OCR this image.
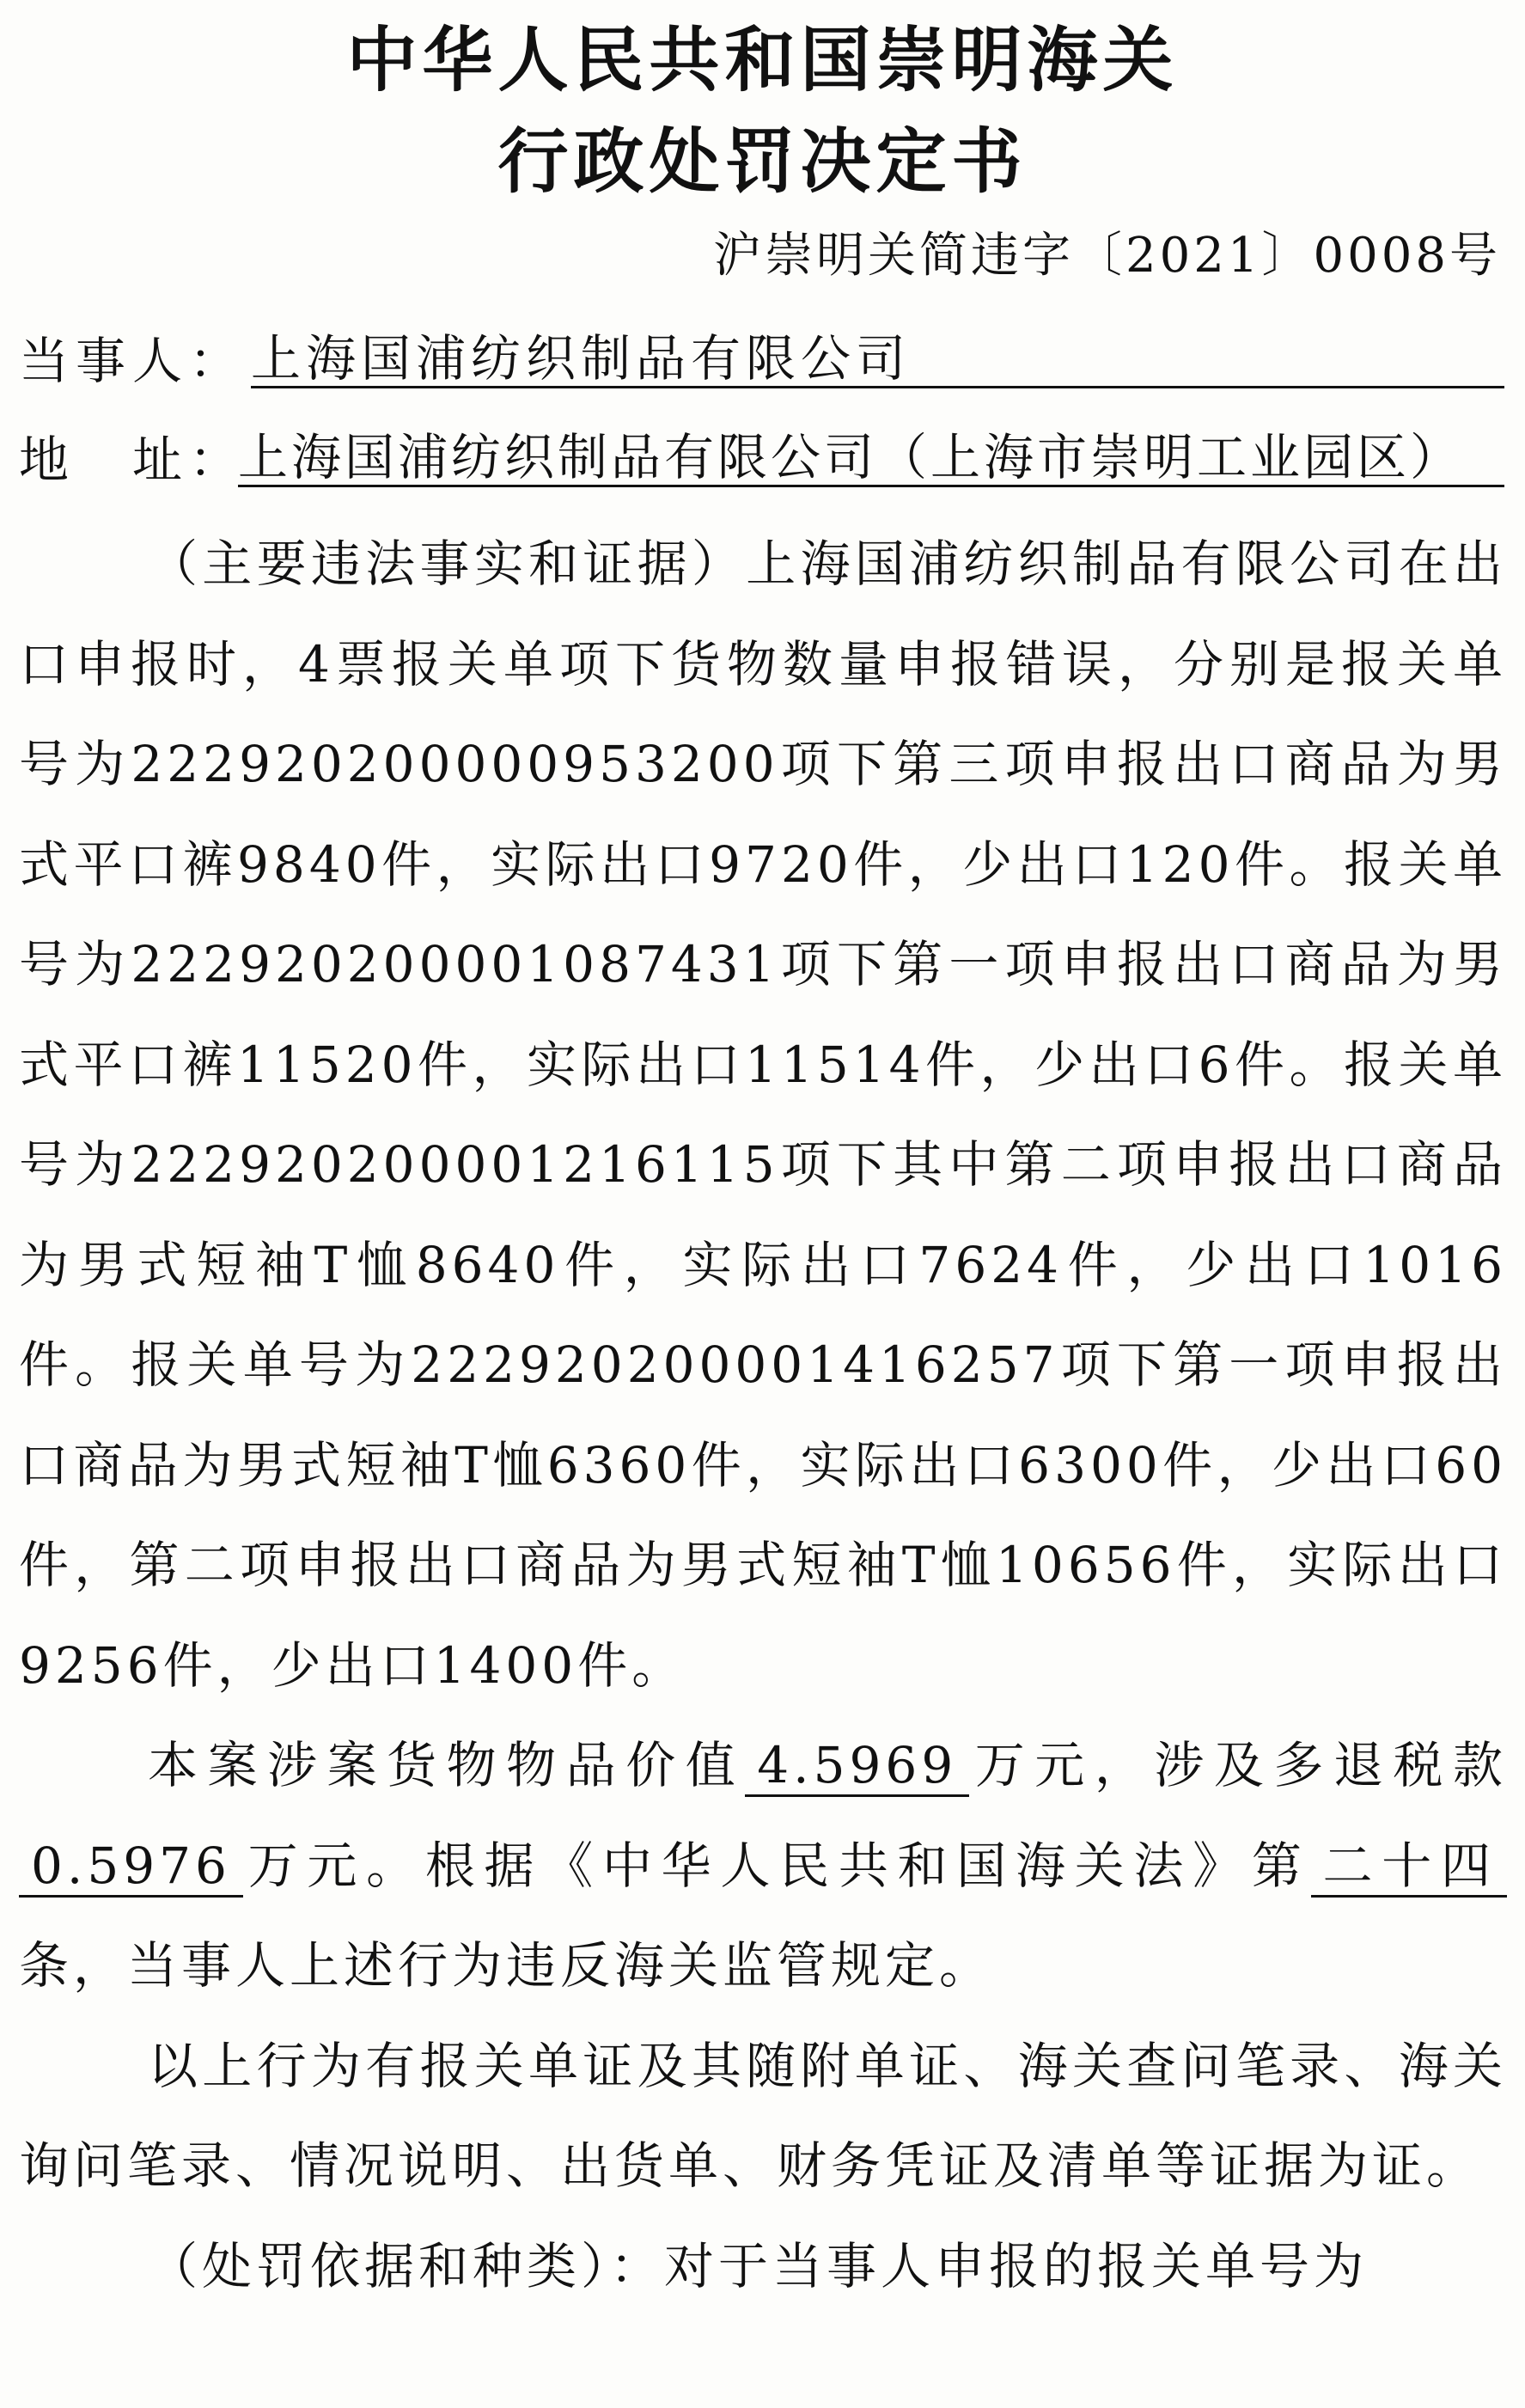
中华人民共和国崇明海关
行政处罚决定书
沪崇明关简违字〔2021〕0008号
当事人： 上海国浦纺织制品有限公司
地　址：
上海国浦纺织制品有限公司（上海市崇明工业园区）

（主要违法事实和证据）上海国浦纺织制品有限公司在出口申报时，4票报关单项下货物数量申报错误，分别是报关单号为222920200000953200项下第三项申报出口商品为男式平口裤9840件，实际出口9720件，少出口120件。报关单号为222920200001087431项下第一项申报出口商品为男式平口裤11520件，实际出口11514件，少出口6件。报关单号为222920200001216115项下其中第二项申报出口商品为男式短袖T恤8640件，实际出口7624件，少出口1016件。报关单号为222920200001416257项下第一项申报出口商品为男式短袖T恤6360件，实际出口6300件，少出口60件，第二项申报出口商品为男式短袖T恤10656件，实际出口9256件，少出口1400件。

本案涉案货物物品价值 4.5969 万元，涉及多退税款0.5976 万元。根据《中华人民共和国海关法》第 二十四条，当事人上述行为违反海关监管规定。

以上行为有报关单证及其随附单证、海关查问笔录、海关询问笔录、情况说明、出货单、财务凭证及清单等证据为证。

（处罚依据和种类）：对于当事人申报的报关单号为
